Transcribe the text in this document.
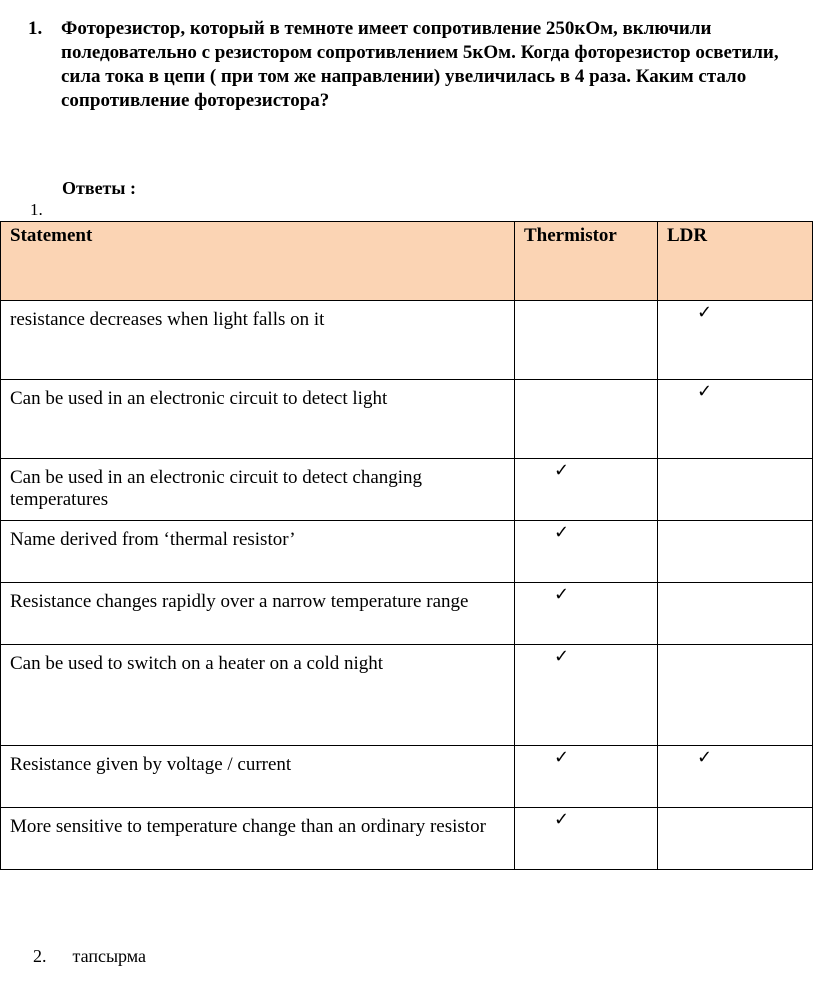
1. Фоторезистор, который в темноте имеет сопротивление 250кОм, включили поледовательно с резистором сопротивлением 5кОм. Когда фоторезистор осветили, сила тока в цепи ( при том же направлении) увеличилась в 4 раза. Каким стало сопротивление фоторезистора?
Ответы :
1.
Statement	Thermistor	LDR

resistance decreases when light falls on it		✓

Can be used in an electronic circuit to detect light		✓

Can be used in an electronic circuit to detect changing temperatures	✓	

Name derived from ‘thermal resistor’	✓	

Resistance changes rapidly over a narrow temperature range	✓	

Can be used to switch on a heater on a cold night	✓	

Resistance given by voltage / current	✓	✓

More sensitive to temperature change than an ordinary resistor	✓	

2. тапсырма
